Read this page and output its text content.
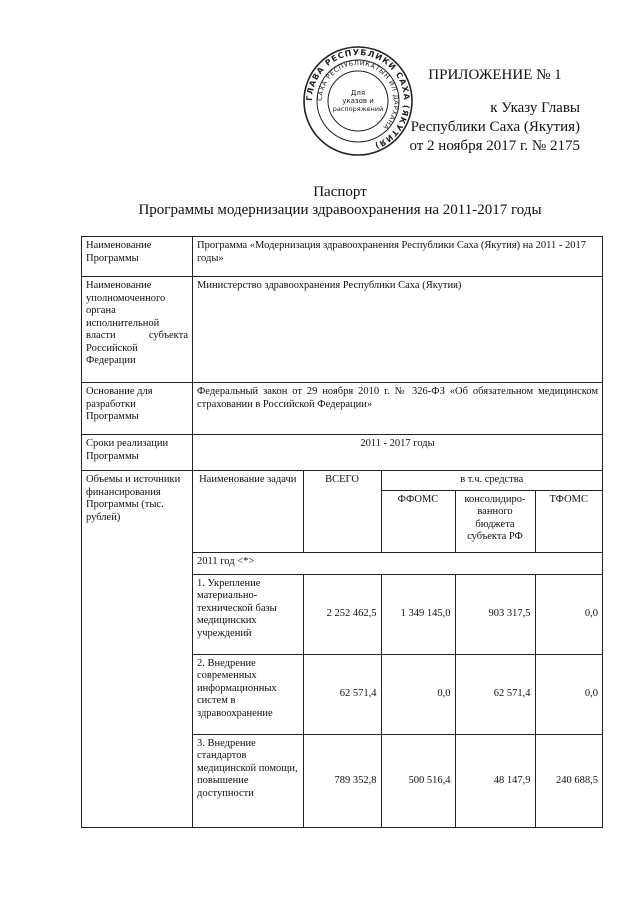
ГЛАВА РЕСПУБЛИКИ САХА (ЯКУТИЯ)
САХА РЕСПУБЛИКАТЫН ИЛ ДАРХАНА
Для
указов и
распоряжений
ПРИЛОЖЕНИЕ № 1
к Указу Главы
Республики Саха (Якутия)
от 2 ноября 2017 г. № 2175
Паспорт
Программы модернизации здравоохранения на 2011-2017 годы
Наименование Программы	Программа «Модернизация здравоохранения Республики Саха (Якутия) на 2011 - 2017 годы»
Наименование уполномоченного органа исполнительной власти субъекта Российской Федерации	Министерство здравоохранения Республики Саха (Якутия)
Основание для разработки Программы	Федеральный закон от 29 ноября 2010 г. № 326-ФЗ «Об обязательном медицинском страховании в Российской Федерации»
Сроки реализации Программы	2011 - 2017 годы
Объемы и источники финансирования Программы (тыс. рублей)	
Наименование задачи	ВСЕГО	в т.ч. средства
ФФОМС	консолидиро-ванного бюджета субъекта РФ	ТФОМС
2011 год <*>
1. Укрепление материально-технической базы медицинских учреждений	2 252 462,5	1 349 145,0	903 317,5	0,0
2. Внедрение современных информационных систем в здравоохранение	62 571,4	0,0	62 571,4	0,0
3. Внедрение стандартов медицинской помощи, повышение доступности	789 352,8	500 516,4	48 147,9	240 688,5
